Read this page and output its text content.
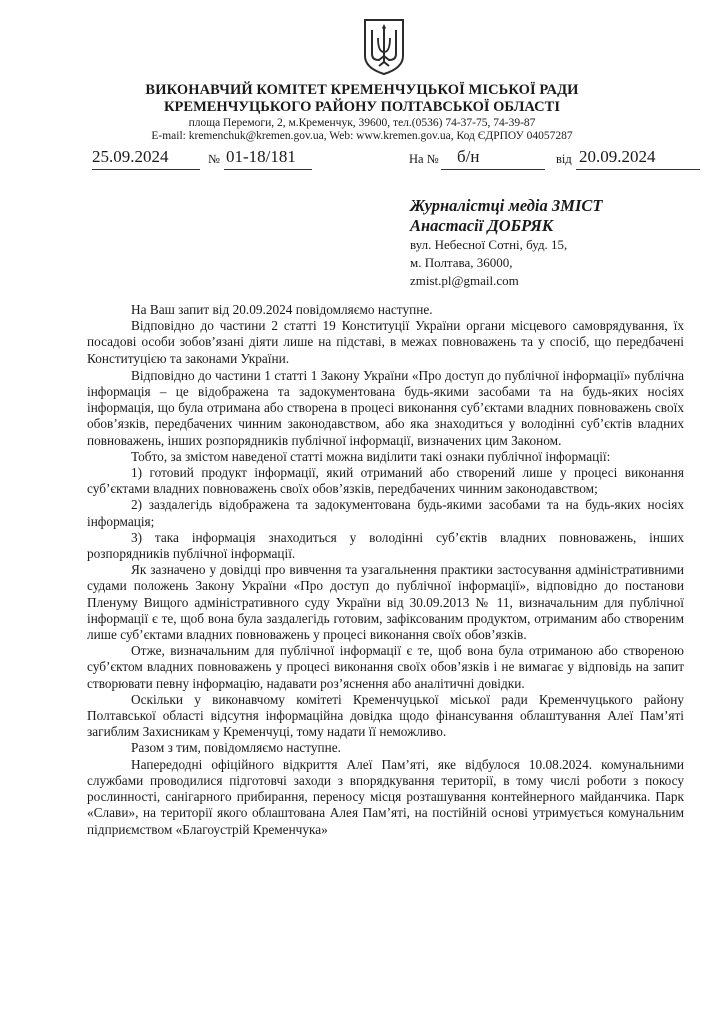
ВИКОНАВЧИЙ КОМІТЕТ КРЕМЕНЧУЦЬКОЇ МІСЬКОЇ РАДИ
КРЕМЕНЧУЦЬКОГО РАЙОНУ ПОЛТАВСЬКОЇ ОБЛАСТІ
площа Перемоги, 2, м.Кременчук, 39600, тел.(0536) 74-37-75, 74-39-87
E-mail: kremenchuk@kremen.gov.ua, Web: www.kremen.gov.ua, Код ЄДРПОУ 04057287
25.09.2024	№ 01-18/181	На № б/н	від 20.09.2024
Журналістці медіа ЗМІСТ
Анастасії ДОБРЯК
вул. Небесної Сотні, буд. 15,
м. Полтава, 36000,
zmist.pl@gmail.com

На Ваш запит від 20.09.2024 повідомляємо наступне.

Відповідно до частини 2 статті 19 Конституції України органи місцевого самоврядування, їх посадові особи зобов’язані діяти лише на підставі, в межах повноважень та у спосіб, що передбачені Конституцією та законами України.

Відповідно до частини 1 статті 1 Закону України «Про доступ до публічної інформації» публічна інформація – це відображена та задокументована будь-якими засобами та на будь-яких носіях інформація, що була отримана або створена в процесі виконання суб’єктами владних повноважень своїх обов’язків, передбачених чинним законодавством, або яка знаходиться у володінні суб’єктів владних повноважень, інших розпорядників публічної інформації, визначених цим Законом.

Тобто, за змістом наведеної статті можна виділити такі ознаки публічної інформації:

1) готовий продукт інформації, який отриманий або створений лише у процесі виконання суб’єктами владних повноважень своїх обов’язків, передбачених чинним законодавством;

2) заздалегідь відображена та задокументована будь-якими засобами та на будь-яких носіях інформація;

3) така інформація знаходиться у володінні суб’єктів владних повноважень, інших розпорядників публічної інформації.

Як зазначено у довідці про вивчення та узагальнення практики застосування адміністративними судами положень Закону України «Про доступ до публічної інформації», відповідно до постанови Пленуму Вищого адміністративного суду України від 30.09.2013 № 11, визначальним для публічної інформації є те, щоб вона була заздалегідь готовим, зафіксованим продуктом, отриманим або створеним лише суб’єктами владних повноважень у процесі виконання своїх обов’язків.

Отже, визначальним для публічної інформації є те, щоб вона була отриманою або створеною суб’єктом владних повноважень у процесі виконання своїх обов’язків і не вимагає у відповідь на запит створювати певну інформацію, надавати роз’яснення або аналітичні довідки.

Оскільки у виконавчому комітеті Кременчуцької міської ради Кременчуцького району Полтавської області відсутня інформаційна довідка щодо фінансування облаштування Алеї Пам’яті загиблим Захисникам у Кременчуці, тому надати її неможливо.

Разом з тим, повідомляємо наступне.

Напередодні офіційного відкриття Алеї Пам’яті, яке відбулося 10.08.2024. комунальними службами проводилися підготовчі заходи з впорядкування території, в тому числі роботи з покосу рослинності, санігарного прибирання, переносу місця розташування контейнерного майданчика. Парк «Слави», на території якого облаштована Алея Пам’яті, на постійній основі утримується комунальним підприємством «Благоустрій Кременчука»
